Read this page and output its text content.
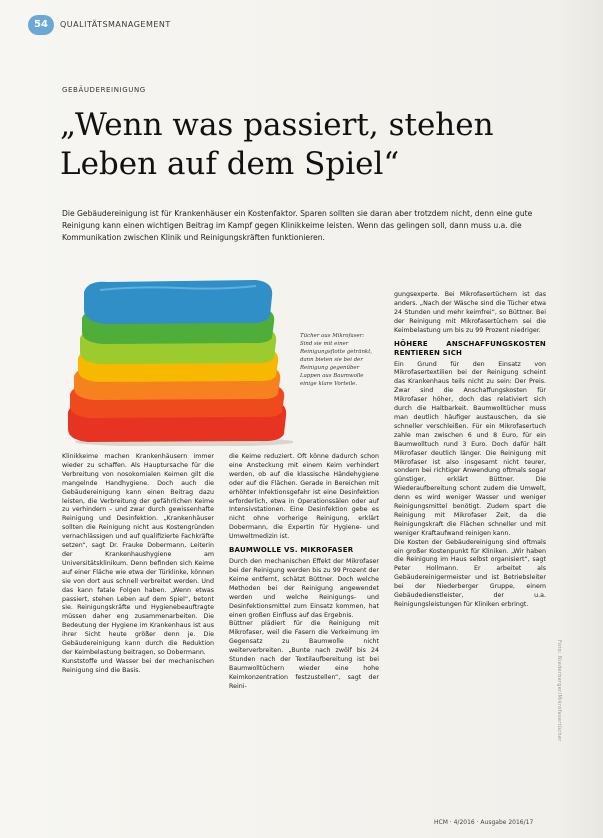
54	QUALITÄTSMANAGEMENT
GEBÄUDEREINIGUNG
„Wenn was passiert, stehen
Leben auf dem Spiel“

Die Gebäudereinigung ist für Krankenhäuser ein Kostenfaktor. Sparen sollten sie daran aber trotzdem nicht, denn eine gute Reinigung kann einen wichtigen Beitrag im Kampf gegen Klinikkeime leisten. Wenn das gelingen soll, dann muss u.a. die Kommunikation zwischen Klinik und Reinigungskräften funktionieren.

Tücher aus Mikrofaser: Sind sie mit einer Reinigungsflotte getränkt, dann bieten sie bei der Reinigung gegenüber Lappen aus Baumwolle einige klare Vorteile.

Klinikkeime machen Krankenhäusern immer wieder zu schaffen. Als Hauptursache für die Verbreitung von nosokomialen Keimen gilt die mangelnde Handhygiene. Doch auch die Gebäudereinigung kann einen Beitrag dazu leisten, die Verbreitung der gefährlichen Keime zu verhindern – und zwar durch gewissenhafte Reinigung und Desinfektion. „Krankenhäuser sollten die Reinigung nicht aus Kostengründen vernachlässigen und auf qualifizierte Fachkräfte setzen“, sagt Dr. Frauke Dobermann, Leiterin der Krankenhaushygiene am Universitätsklinikum. Denn befinden sich Keime auf einer Fläche wie etwa der Türklinke, können sie von dort aus schnell verbreitet werden. Und das kann fatale Folgen haben. „Wenn etwas passiert, stehen Leben auf dem Spiel“, betont sie. Reinigungskräfte und Hygienebeauftragte müssen daher eng zusammenarbeiten. Die Bedeutung der Hygiene im Krankenhaus ist aus ihrer Sicht heute größer denn je. Die Gebäudereinigung kann durch die Reduktion der Keimbelastung beitragen, so Dobermann.

Kunststoffe und Wasser bei der mechanischen Reinigung sind die Basis.

die Keime reduziert. Oft könne dadurch schon eine Ansteckung mit einem Keim verhindert werden, ob auf die klassische Händehygiene oder auf die Flächen. Gerade in Bereichen mit erhöhter Infektionsgefahr ist eine Desinfektion erforderlich, etwa in Operationssälen oder auf Intensivstationen. Eine Desinfektion gebe es nicht ohne vorherige Reinigung, erklärt Dobermann, die Expertin für Hygiene- und Umweltmedizin ist.

BAUMWOLLE VS. MIKROFASER

Durch den mechanischen Effekt der Mikrofaser bei der Reinigung werden bis zu 99 Prozent der Keime entfernt, schätzt Büttner. Doch welche Methoden bei der Reinigung angewendet werden und welche Reinigungs- und Desinfektionsmittel zum Einsatz kommen, hat einen großen Einfluss auf das Ergebnis.

Büttner plädiert für die Reinigung mit Mikrofaser, weil die Fasern die Verkeimung im Gegensatz zu Baumwolle nicht weiterverbreiten. „Bunte nach zwölf bis 24 Stunden nach der Textilaufbereitung ist bei Baumwolltüchern wieder eine hohe Keimkonzentration festzustellen“, sagt der Reini-

gungsexperte. Bei Mikrofasertüchern ist das anders. „Nach der Wäsche sind die Tücher etwa 24 Stunden und mehr keimfrei“, so Büttner. Bei der Reinigung mit Mikrofasertüchern sei die Keimbelastung um bis zu 99 Prozent niedriger.

HÖHERE ANSCHAFFUNGSKOSTEN RENTIEREN SICH

Ein Grund für den Einsatz von Mikrofasertextilien bei der Reinigung scheint das Krankenhaus teils nicht zu sein: Der Preis. Zwar sind die Anschaffungskosten für Mikrofaser höher, doch das relativiert sich durch die Haltbarkeit. Baumwolltücher muss man deutlich häufiger austauschen, da sie schneller verschleißen. Für ein Mikrofasertuch zahle man zwischen 6 und 8 Euro, für ein Baumwolltuch rund 3 Euro. Doch dafür hält Mikrofaser deutlich länger. Die Reinigung mit Mikrofaser ist also insgesamt nicht teurer, sondern bei richtiger Anwendung oftmals sogar günstiger, erklärt Büttner. Die Wiederaufbereitung schont zudem die Umwelt, denn es wird weniger Wasser und weniger Reinigungsmittel benötigt. Zudem spart die Reinigung mit Mikrofaser Zeit, da die Reinigungskraft die Flächen schneller und mit weniger Kraftaufwand reinigen kann.

Die Kosten der Gebäudereinigung sind oftmals ein großer Kostenpunkt für Kliniken. „Wir haben die Reinigung im Haus selbst organisiert“, sagt Peter Hollmann. Er arbeitet als Gebäudereinigermeister und ist Betriebsleiter bei der Niederberger Gruppe, einem Gebäudedienstleister, der u.a. Reinigungsleistungen für Kliniken erbringt.

Foto: Niederberger/Mikrofasertücher
HCM · 4/2016 · Ausgabe 2016/17
